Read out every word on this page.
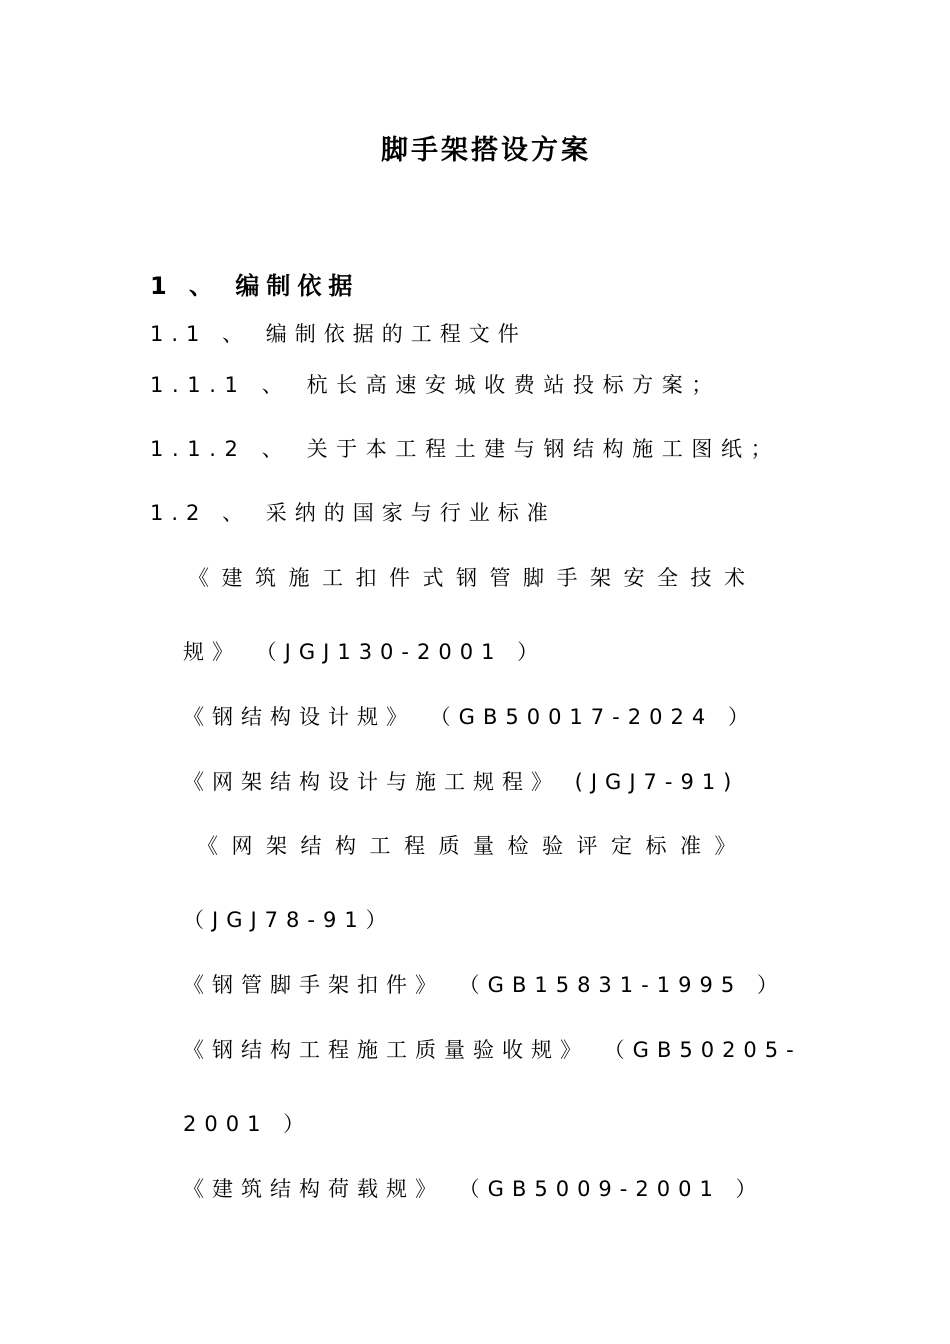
脚手架搭设方案
1 、 编制依据
1.1 、 编制依据的工程文件
1.1.1 、 杭长高速安城收费站投标方案；
1.1.2 、 关于本工程土建与钢结构施工图纸；
1.2 、 采纳的国家与行业标准
《建筑施工扣件式钢管脚手架安全技术
规》 （JGJ130-2001 ）
《钢结构设计规》 （GB50017-2024 ）
《网架结构设计与施工规程》 (JGJ7-91)
《网架结构工程质量检验评定标准》
（JGJ78-91）
《钢管脚手架扣件》 （GB15831-1995 ）
《钢结构工程施工质量验收规》 （GB50205-
2001 ）
《建筑结构荷载规》 （GB5009-2001 ）
